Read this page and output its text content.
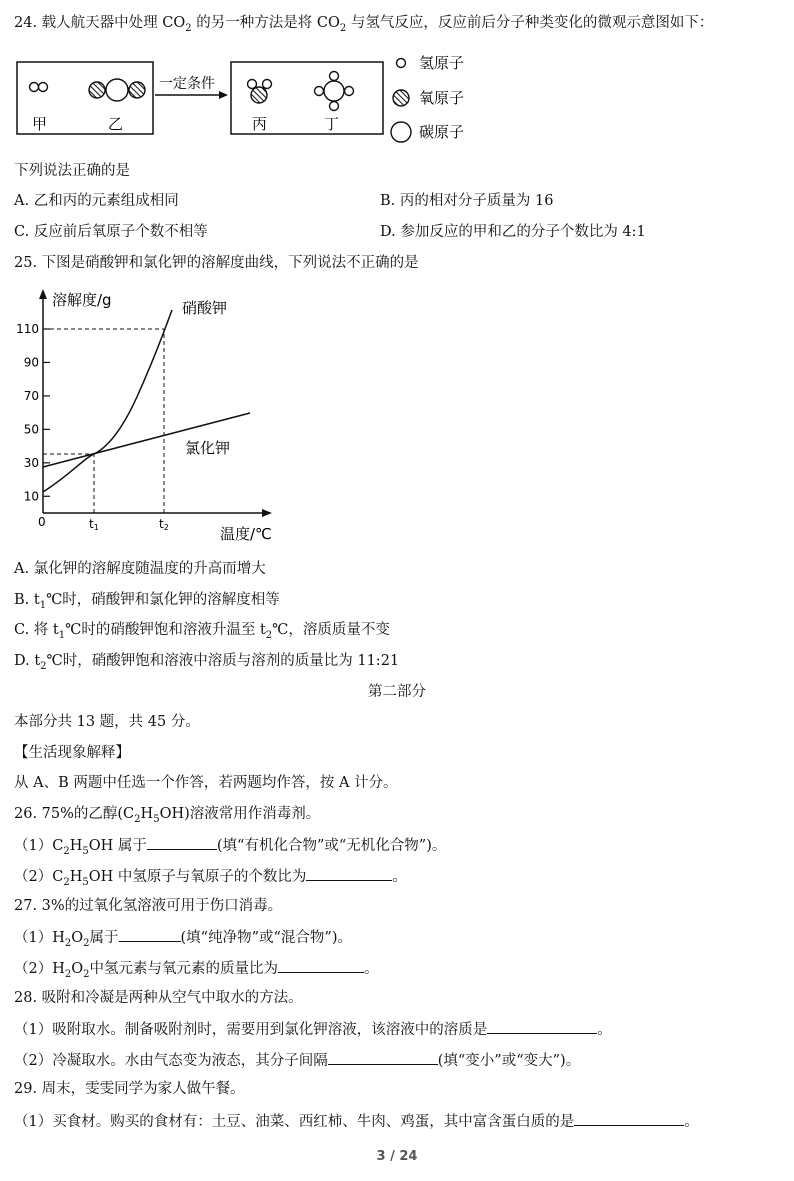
24. 载人航天器中处理 $CO_2$ 的另一种方法是将 $CO_2$ 与氢气反应，反应前后分子种类变化的微观示意图如下：
甲	乙
一定条件
丙	丁
氢原子
氧原子
碳原子
下列说法正确的是
A. 乙和丙的元素组成相同	B. 丙的相对分子质量为 16
C. 反应前后氧原子个数不相等	D. 参加反应的甲和乙的分子个数比为 4:1
25. 下图是硝酸钾和氯化钾的溶解度曲线，下列说法不正确的是
溶解度/g
温度/℃
0
10
30
50
70
90
110
t1	t2
硝酸钾
氯化钾
A. 氯化钾的溶解度随温度的升高而增大
B. $t_1℃$时，硝酸钾和氯化钾的溶解度相等
C. 将 $t_1℃$时的硝酸钾饱和溶液升温至 $t_2℃$，溶质质量不变
D. $t_2℃$时，硝酸钾饱和溶液中溶质与溶剂的质量比为 11:21
第二部分
本部分共 13 题，共 45 分。
【生活现象解释】
从 A、B 两题中任选一个作答，若两题均作答，按 A 计分。
26. 75%的乙醇$(C_2H_5OH)$溶液常用作消毒剂。
$(1)C_2H_5OH$ 属于	(填“有机化合物”或“无机化合物”)。
$(2)C_2H_5OH$ 中氢原子与氧原子的个数比为	。
27. 3%的过氧化氢溶液可用于伤口消毒。
$(1)H_2O_2$属于	(填“纯净物”或“混合物”)。
$(2)H_2O_2$中氢元素与氧元素的质量比为	。
28. 吸附和冷凝是两种从空气中取水的方法。
（1）吸附取水。制备吸附剂时，需要用到氯化钾溶液，该溶液中的溶质是	。
（2）冷凝取水。水由气态变为液态，其分子间隔	(填“变小”或“变大”)。
29. 周末，雯雯同学为家人做午餐。
（1）买食材。购买的食材有：土豆、油菜、西红柿、牛肉、鸡蛋，其中富含蛋白质的是	。
3 / 24
